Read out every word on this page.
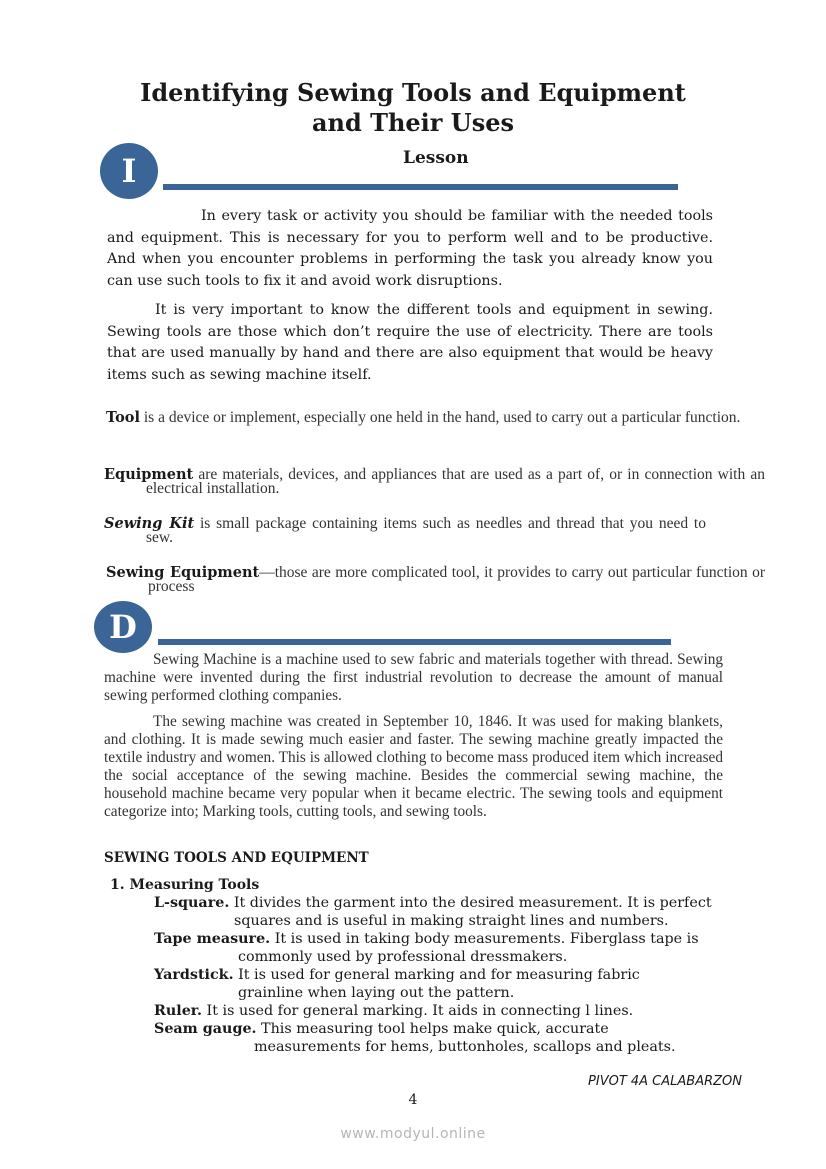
Identifying Sewing Tools and Equipment
and Their Uses
I	Lesson

In every task or activity you should be familiar with the needed tools and equipment. This is necessary for you to perform well and to be productive. And when you encounter problems in performing the task you already know you can use such tools to fix it and avoid work disruptions.

It is very important to know the different tools and equipment in sewing. Sewing tools are those which don’t require the use of electricity. There are tools that are used manually by hand and there are also equipment that would be heavy items such as sewing machine itself.

Tool is a device or implement, especially one held in the hand, used to carry out a particular function.

Equipment are materials, devices, and appliances that are used as a part of, or in connection with an electrical installation.

Sewing Kit is small package containing items such as needles and thread that you need to sew.

Sewing Equipment—those are more complicated tool, it provides to carry out particular function or process

D

Sewing Machine is a machine used to sew fabric and materials together with thread. Sewing machine were invented during the first industrial revolution to decrease the amount of manual sewing performed clothing companies.

The sewing machine was created in September 10, 1846. It was used for making blankets, and clothing. It is made sewing much easier and faster. The sewing machine greatly impacted the textile industry and women. This is allowed clothing to become mass produced item which increased the social acceptance of the sewing machine. Besides the commercial sewing machine, the household machine became very popular when it became electric. The sewing tools and equipment categorize into; Marking tools, cutting tools, and sewing tools.

SEWING TOOLS AND EQUIPMENT

1. Measuring Tools

L-square. It divides the garment into the desired measurement. It is perfect
squares and is useful in making straight lines and numbers.
Tape measure. It is used in taking body measurements. Fiberglass tape is
commonly used by professional dressmakers.
Yardstick. It is used for general marking and for measuring fabric
grainline when laying out the pattern.
Ruler. It is used for general marking. It aids in connecting l lines.
Seam gauge. This measuring tool helps make quick, accurate
measurements for hems, buttonholes, scallops and pleats.
PIVOT 4A CALABARZON
4
www.modyul.online
